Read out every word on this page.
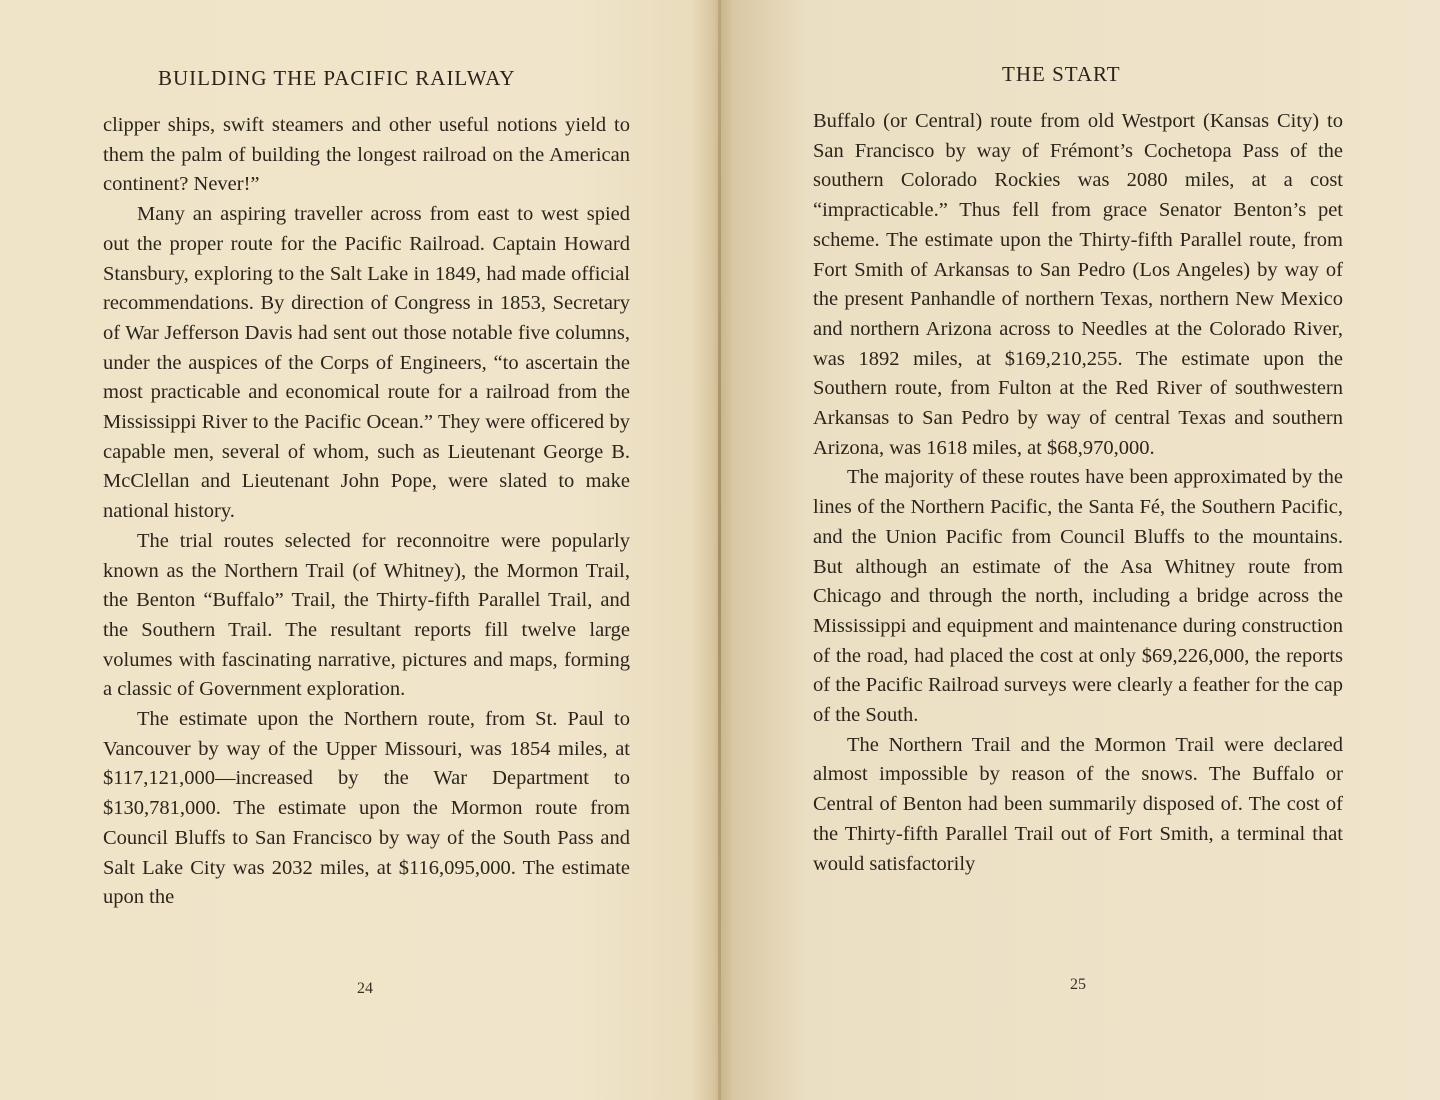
BUILDING THE PACIFIC RAILWAY

clipper ships, swift steamers and other useful notions yield to them the palm of building the longest railroad on the American continent? Never!”

Many an aspiring traveller across from east to west spied out the proper route for the Pacific Railroad. Captain Howard Stansbury, exploring to the Salt Lake in 1849, had made official recommendations. By direction of Congress in 1853, Secretary of War Jefferson Davis had sent out those notable five columns, under the auspices of the Corps of Engineers, “to ascertain the most practicable and economical route for a railroad from the Mississippi River to the Pacific Ocean.” They were officered by capable men, several of whom, such as Lieutenant George B. McClellan and Lieutenant John Pope, were slated to make national history.

The trial routes selected for reconnoitre were popularly known as the Northern Trail (of Whitney), the Mormon Trail, the Benton “Buffalo” Trail, the Thirty-fifth Parallel Trail, and the Southern Trail. The resultant reports fill twelve large volumes with fascinating narrative, pictures and maps, forming a classic of Government exploration.

The estimate upon the Northern route, from St. Paul to Vancouver by way of the Upper Missouri, was 1854 miles, at $117,121,000—increased by the War Department to $130,781,000. The estimate upon the Mormon route from Council Bluffs to San Francisco by way of the South Pass and Salt Lake City was 2032 miles, at $116,095,000. The estimate upon the

24
THE START

Buffalo (or Central) route from old Westport (Kansas City) to San Francisco by way of Frémont’s Cochetopa Pass of the southern Colorado Rockies was 2080 miles, at a cost “impracticable.” Thus fell from grace Senator Benton’s pet scheme. The estimate upon the Thirty-fifth Parallel route, from Fort Smith of Arkansas to San Pedro (Los Angeles) by way of the present Panhandle of northern Texas, northern New Mexico and northern Arizona across to Needles at the Colorado River, was 1892 miles, at $169,210,255. The estimate upon the Southern route, from Fulton at the Red River of southwestern Arkansas to San Pedro by way of central Texas and southern Arizona, was 1618 miles, at $68,970,000.

The majority of these routes have been approximated by the lines of the Northern Pacific, the Santa Fé, the Southern Pacific, and the Union Pacific from Council Bluffs to the mountains. But although an estimate of the Asa Whitney route from Chicago and through the north, including a bridge across the Mississippi and equipment and maintenance during construction of the road, had placed the cost at only $69,226,000, the reports of the Pacific Railroad surveys were clearly a feather for the cap of the South.

The Northern Trail and the Mormon Trail were declared almost impossible by reason of the snows. The Buffalo or Central of Benton had been summarily disposed of. The cost of the Thirty-fifth Parallel Trail out of Fort Smith, a terminal that would satisfactorily

25
